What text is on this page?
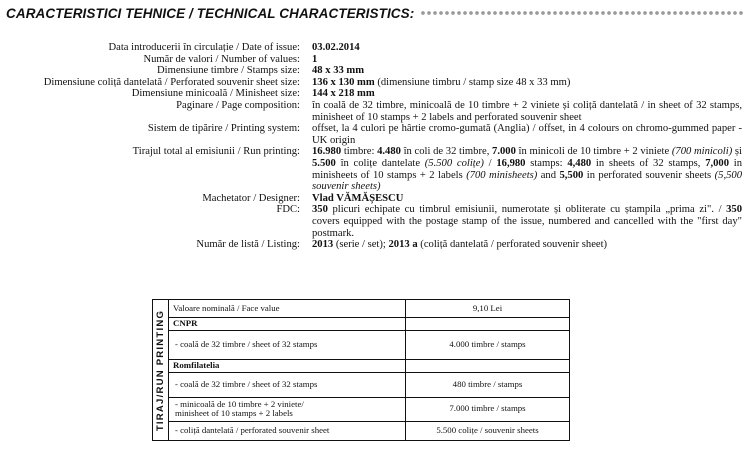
CARACTERISTICI TEHNICE / TECHNICAL CHARACTERISTICS:
Data introducerii în circulație / Date of issue: 03.02.2014
Număr de valori / Number of values: 1
Dimensiune timbre / Stamps size: 48 x 33 mm
Dimensiune coliță dantelată / Perforated souvenir sheet size: 136 x 130 mm (dimensiune timbru / stamp size 48 x 33 mm)
Dimensiune minicoală / Minisheet size: 144 x 218 mm
Paginare / Page composition: în coală de 32 timbre, minicoală de 10 timbre + 2 viniete și coliță dantelată / in sheet of 32 stamps, minisheet of 10 stamps + 2 labels and perforated souvenir sheet
Sistem de tipărire / Printing system: offset, la 4 culori pe hârtie cromo-gumată (Anglia) / offset, in 4 colours on chromo-gummed paper - UK origin
Tirajul total al emisiunii / Run printing: 16.980 timbre: 4.480 în coli de 32 timbre, 7.000 în minicoli de 10 timbre + 2 viniete (700 minicoli) și 5.500 în colițe dantelate (5.500 colițe) / 16,980 stamps: 4,480 in sheets of 32 stamps, 7,000 in minisheets of 10 stamps + 2 labels (700 minisheets) and 5,500 in perforated souvenir sheets (5,500 souvenir sheets)
Machetator / Designer: Vlad VĂMĂȘESCU
FDC: 350 plicuri echipate cu timbrul emisiunii, numerotate și obliterate cu ștampila „prima zi". / 350 covers equipped with the postage stamp of the issue, numbered and cancelled with the "first day" postmark.
Număr de listă / Listing: 2013 (serie / set); 2013 a (coliță dantelată / perforated souvenir sheet)
TIRAJ/RUN PRINTING
Valoare nominală / Face value	9,10 Lei
CNPR	
- coală de 32 timbre / sheet of 32 stamps	4.000 timbre / stamps
Romfilatelia	
- coală de 32 timbre / sheet of 32 stamps	480 timbre / stamps

- minicoală de 10 timbre + 2 viniete/
minisheet of 10 stamps + 2 labels	7.000 timbre / stamps
- coliță dantelată / perforated souvenir sheet	5.500 colițe / souvenir sheets
